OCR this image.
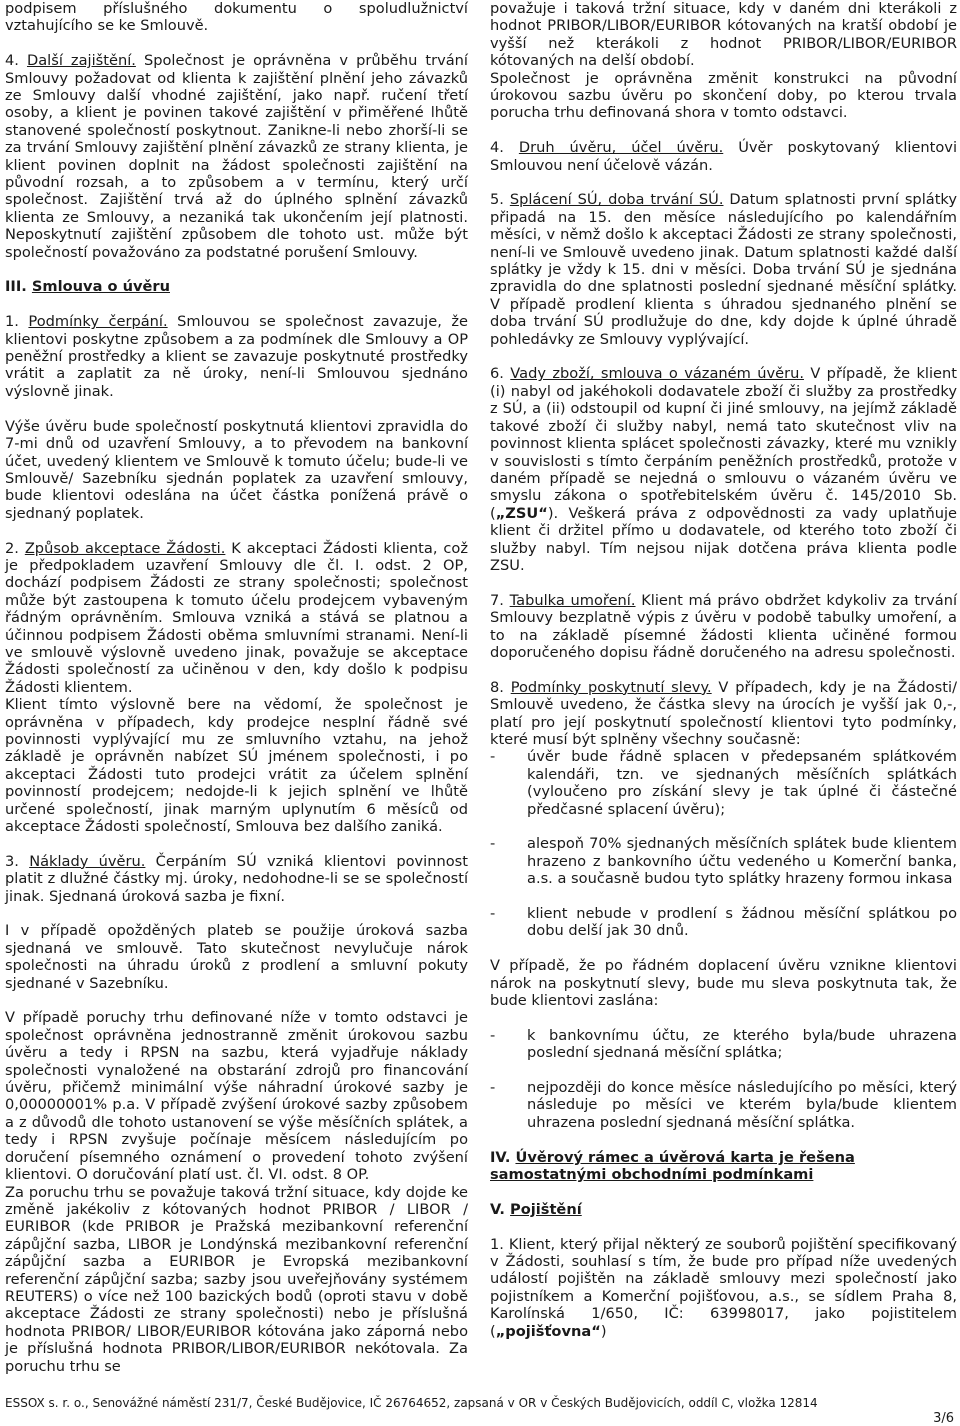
podpisem příslušného dokumentu o spoludlužnictví vztahujícího se ke Smlouvě.

4. Další zajištění. Společnost je oprávněna v průběhu trvání Smlouvy požadovat od klienta k zajištění plnění jeho závazků ze Smlouvy další vhodné zajištění, jako např. ručení třetí osoby, a klient je povinen takové zajištění v přiměřené lhůtě stanovené společností poskytnout. Zanikne-li nebo zhorší-li se za trvání Smlouvy zajištění plnění závazků ze strany klienta, je klient povinen doplnit na žádost společnosti zajištění na původní rozsah, a to způsobem a v termínu, který určí společnost. Zajištění trvá až do úplného splnění závazků klienta ze Smlouvy, a nezaniká tak ukončením její platnosti. Neposkytnutí zajištění způsobem dle tohoto ust. může být společností považováno za podstatné porušení Smlouvy.

III. Smlouva o úvěru

1. Podmínky čerpání. Smlouvou se společnost zavazuje, že klientovi poskytne způsobem a za podmínek dle Smlouvy a OP peněžní prostředky a klient se zavazuje poskytnuté prostředky vrátit a zaplatit za ně úroky, není-li Smlouvou sjednáno výslovně jinak.

Výše úvěru bude společností poskytnutá klientovi zpravidla do 7-mi dnů od uzavření Smlouvy, a to převodem na bankovní účet, uvedený klientem ve Smlouvě k tomuto účelu; bude-li ve Smlouvě/ Sazebníku sjednán poplatek za uzavření smlouvy, bude klientovi odeslána na účet částka ponížená právě o sjednaný poplatek.

2. Způsob akceptace Žádosti. K akceptaci Žádosti klienta, což je předpokladem uzavření Smlouvy dle čl. I. odst. 2 OP, dochází podpisem Žádosti ze strany společnosti; společnost může být zastoupena k tomuto účelu prodejcem vybaveným řádným oprávněním. Smlouva vzniká a stává se platnou a účinnou podpisem Žádosti oběma smluvními stranami. Není-li ve smlouvě výslovně uvedeno jinak, považuje se akceptace Žádosti společností za učiněnou v den, kdy došlo k podpisu Žádosti klientem.

Klient tímto výslovně bere na vědomí, že společnost je oprávněna v případech, kdy prodejce nesplní řádně své povinnosti vyplývající mu ze smluvního vztahu, na jehož základě je oprávněn nabízet SÚ jménem společnosti, i po akceptaci Žádosti tuto prodejci vrátit za účelem splnění povinností prodejcem; nedojde-li k jejich splnění ve lhůtě určené společností, jinak marným uplynutím 6 měsíců od akceptace Žádosti společností, Smlouva bez dalšího zaniká.

3. Náklady úvěru. Čerpáním SÚ vzniká klientovi povinnost platit z dlužné částky mj. úroky, nedohodne-li se se společností jinak. Sjednaná úroková sazba je fixní.

I v případě opožděných plateb se použije úroková sazba sjednaná ve smlouvě. Tato skutečnost nevylučuje nárok společnosti na úhradu úroků z prodlení a smluvní pokuty sjednané v Sazebníku.

V případě poruchy trhu definované níže v tomto odstavci je společnost oprávněna jednostranně změnit úrokovou sazbu úvěru a tedy i RPSN na sazbu, která vyjadřuje náklady společnosti vynaložené na obstarání zdrojů pro financování úvěru, přičemž minimální výše náhradní úrokové sazby je 0,00000001% p.a. V případě zvýšení úrokové sazby způsobem a z důvodů dle tohoto ustanovení se výše měsíčních splátek, a tedy i RPSN zvyšuje počínaje měsícem následujícím po doručení písemného oznámení o provedení tohoto zvýšení klientovi. O doručování platí ust. čl. VI. odst. 8 OP.

Za poruchu trhu se považuje taková tržní situace, kdy dojde ke změně jakékoliv z kótovaných hodnot PRIBOR / LIBOR / EURIBOR (kde PRIBOR je Pražská mezibankovní referenční zápůjční sazba, LIBOR je Londýnská mezibankovní referenční zápůjční sazba a EURIBOR je Evropská mezibankovní referenční zápůjční sazba; sazby jsou uveřejňovány systémem REUTERS) o více než 100 bazických bodů (oproti stavu v době akceptace Žádosti ze strany společnosti) nebo je příslušná hodnota PRIBOR/ LIBOR/EURIBOR kótována jako záporná nebo je příslušná hodnota PRIBOR/LIBOR/EURIBOR nekótovala. Za poruchu trhu se

považuje i taková tržní situace, kdy v daném dni kterákoli z hodnot PRIBOR/LIBOR/EURIBOR kótovaných na kratší období je vyšší než kterákoli z hodnot PRIBOR/LIBOR/EURIBOR kótovaných na delší období.

Společnost je oprávněna změnit konstrukci na původní úrokovou sazbu úvěru po skončení doby, po kterou trvala porucha trhu definovaná shora v tomto odstavci.

4. Druh úvěru, účel úvěru. Úvěr poskytovaný klientovi Smlouvou není účelově vázán.

5. Splácení SÚ, doba trvání SÚ. Datum splatnosti první splátky připadá na 15. den měsíce následujícího po kalendářním měsíci, v němž došlo k akceptaci Žádosti ze strany společnosti, není-li ve Smlouvě uvedeno jinak. Datum splatnosti každé další splátky je vždy k 15. dni v měsíci. Doba trvání SÚ je sjednána zpravidla do dne splatnosti poslední sjednané měsíční splátky. V případě prodlení klienta s úhradou sjednaného plnění se doba trvání SÚ prodlužuje do dne, kdy dojde k úplné úhradě pohledávky ze Smlouvy vyplývající.

6. Vady zboží, smlouva o vázaném úvěru. V případě, že klient (i) nabyl od jakéhokoli dodavatele zboží či služby za prostředky z SÚ, a (ii) odstoupil od kupní či jiné smlouvy, na jejímž základě takové zboží či služby nabyl, nemá tato skutečnost vliv na povinnost klienta splácet společnosti závazky, které mu vznikly v souvislosti s tímto čerpáním peněžních prostředků, protože v daném případě se nejedná o smlouvu o vázaném úvěru ve smyslu zákona o spotřebitelském úvěru č. 145/2010 Sb. („ZSU“). Veškerá práva z odpovědnosti za vady uplatňuje klient či držitel přímo u dodavatele, od kterého toto zboží či služby nabyl. Tím nejsou nijak dotčena práva klienta podle ZSU.

7. Tabulka umoření. Klient má právo obdržet kdykoliv za trvání Smlouvy bezplatně výpis z úvěru v podobě tabulky umoření, a to na základě písemné žádosti klienta učiněné formou doporučeného dopisu řádně doručeného na adresu společnosti.

8. Podmínky poskytnutí slevy. V případech, kdy je na Žádosti/ Smlouvě uvedeno, že částka slevy na úrocích je vyšší jak 0,-, platí pro její poskytnutí společností klientovi tyto podmínky, které musí být splněny všechny současně:

-	úvěr bude řádně splacen v předepsaném splátkovém kalendáři, tzn. ve sjednaných měsíčních splátkách (vyloučeno pro získání slevy je tak úplné či částečné předčasné splacení úvěru);
-	alespoň 70% sjednaných měsíčních splátek bude klientem hrazeno z bankovního účtu vedeného u Komerční banka, a.s. a současně budou tyto splátky hrazeny formou inkasa
-	klient nebude v prodlení s žádnou měsíční splátkou po dobu delší jak 30 dnů.

V případě, že po řádném doplacení úvěru vznikne klientovi nárok na poskytnutí slevy, bude mu sleva poskytnuta tak, že bude klientovi zaslána:

-	k bankovnímu účtu, ze kterého byla/bude uhrazena poslední sjednaná měsíční splátka;
-	nejpozději do konce měsíce následujícího po měsíci, který následuje po měsíci ve kterém byla/bude klientem uhrazena poslední sjednaná měsíční splátka.

IV. Úvěrový rámec a úvěrová karta je řešena samostatnými obchodními podmínkami

V. Pojištění

1. Klient, který přijal některý ze souborů pojištění specifikovaný v Žádosti, souhlasí s tím, že bude pro případ níže uvedených událostí pojištěn na základě smlouvy mezi společností jako pojistníkem a Komerční pojišťovou, a.s., se sídlem Praha 8, Karolínská 1/650, IČ: 63998017, jako pojistitelem („pojišťovna“)

ESSOX s. r. o., Senovážné náměstí 231/7, České Budějovice, IČ 26764652, zapsaná v OR v Českých Budějovicích, oddíl C, vložka 12814
3/6
